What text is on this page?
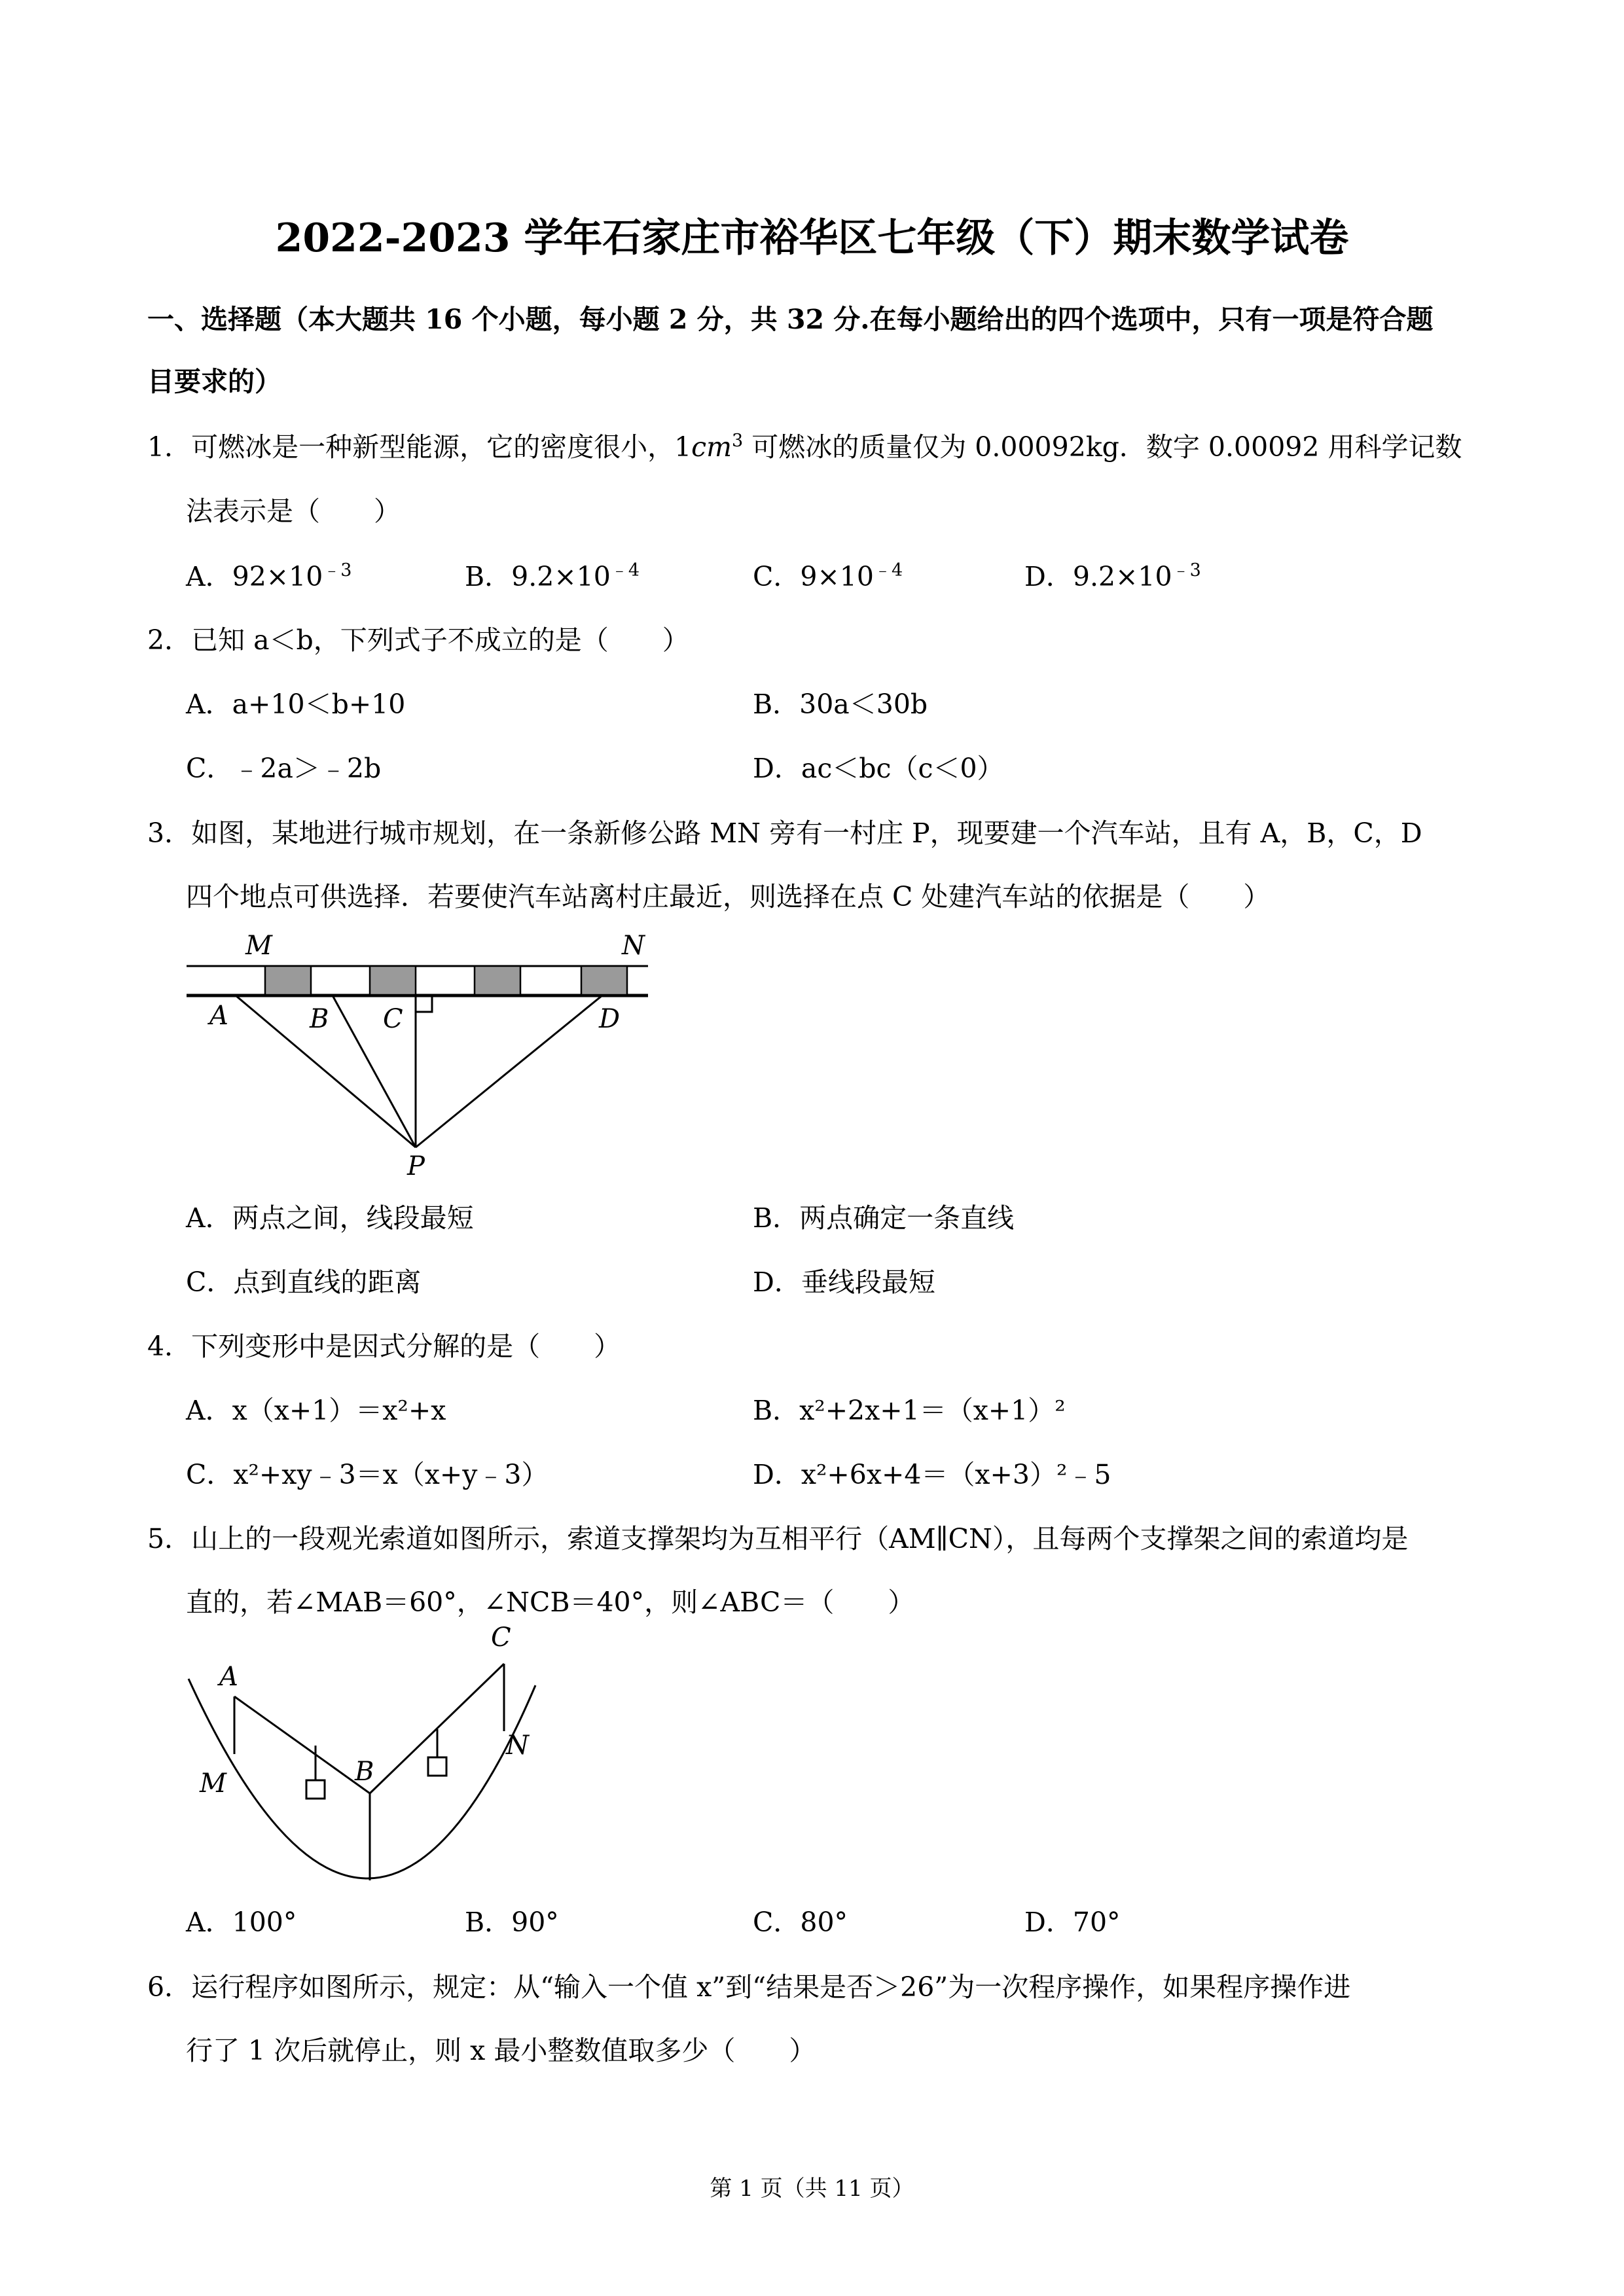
2022-2023 学年石家庄市裕华区七年级（下）期末数学试卷
一、选择题（本大题共 16 个小题，每小题 2 分，共 32 分.在每小题给出的四个选项中，只有一项是符合题
目要求的）
1．可燃冰是一种新型能源，它的密度很小，$1cm^3$ 可燃冰的质量仅为 0.00092kg．数字 0.00092 用科学记数
法表示是（　　）
A．$92\times 10^{﹣3}$	B．$9.2\times 10^{﹣4}$	C．$9\times 10^{﹣4}$	D．$9.2\times 10^{﹣3}$
2．已知 a＜b，下列式子不成立的是（　　）
A．a+10＜b+10	B．30a＜30b
C．﹣2a＞﹣2b	D．ac＜bc（c＜0）
3．如图，某地进行城市规划，在一条新修公路 MN 旁有一村庄 P，现要建一个汽车站，且有 A，B，C，D
四个地点可供选择．若要使汽车站离村庄最近，则选择在点 C 处建汽车站的依据是（　　）
M	N
A	B C	D
P
A．两点之间，线段最短	B．两点确定一条直线
C．点到直线的距离	D．垂线段最短
4．下列变形中是因式分解的是（　　）
A．x（x+1）＝x²+x	B．x²+2x+1＝（x+1）²
C．x²+xy﹣3＝x（x+y﹣3）	D．x²+6x+4＝（x+3）²﹣5
5．山上的一段观光索道如图所示，索道支撑架均为互相平行（AM∥CN），且每两个支撑架之间的索道均是
直的，若∠MAB＝60°，∠NCB＝40°，则∠ABC＝（　　）
A
M	B
C
N
A．100°	B．90°	C．80°	D．70°
6．运行程序如图所示，规定：从“输入一个值 x”到“结果是否＞26”为一次程序操作，如果程序操作进
行了 1 次后就停止，则 x 最小整数值取多少（　　）
第 1 页（共 11 页）
